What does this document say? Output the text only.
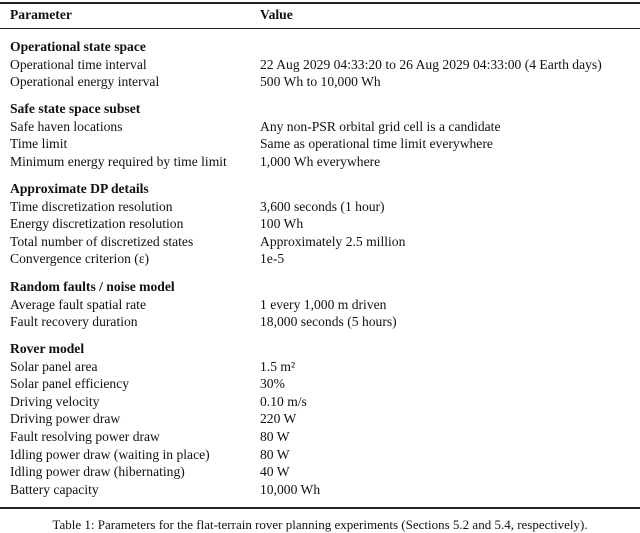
Parameter	Value
Operational state space
Operational time interval	22 Aug 2029 04:33:20 to 26 Aug 2029 04:33:00 (4 Earth days)
Operational energy interval	500 Wh to 10,000 Wh
Safe state space subset
Safe haven locations	Any non-PSR orbital grid cell is a candidate
Time limit	Same as operational time limit everywhere
Minimum energy required by time limit 1,000 Wh everywhere
Approximate DP details
Time discretization resolution	3,600 seconds (1 hour)
Energy discretization resolution	100 Wh
Total number of discretized states	Approximately 2.5 million
Convergence criterion (ε)	1e-5
Random faults / noise model
Average fault spatial rate	1 every 1,000 m driven
Fault recovery duration	18,000 seconds (5 hours)
Rover model
Solar panel area	1.5 m²
Solar panel efficiency	30%
Driving velocity	0.10 m/s
Driving power draw	220 W
Fault resolving power draw	80 W
Idling power draw (waiting in place)	80 W
Idling power draw (hibernating)	40 W
Battery capacity	10,000 Wh
Table 1: Parameters for the flat-terrain rover planning experiments (Sections 5.2 and 5.4, respectively).
